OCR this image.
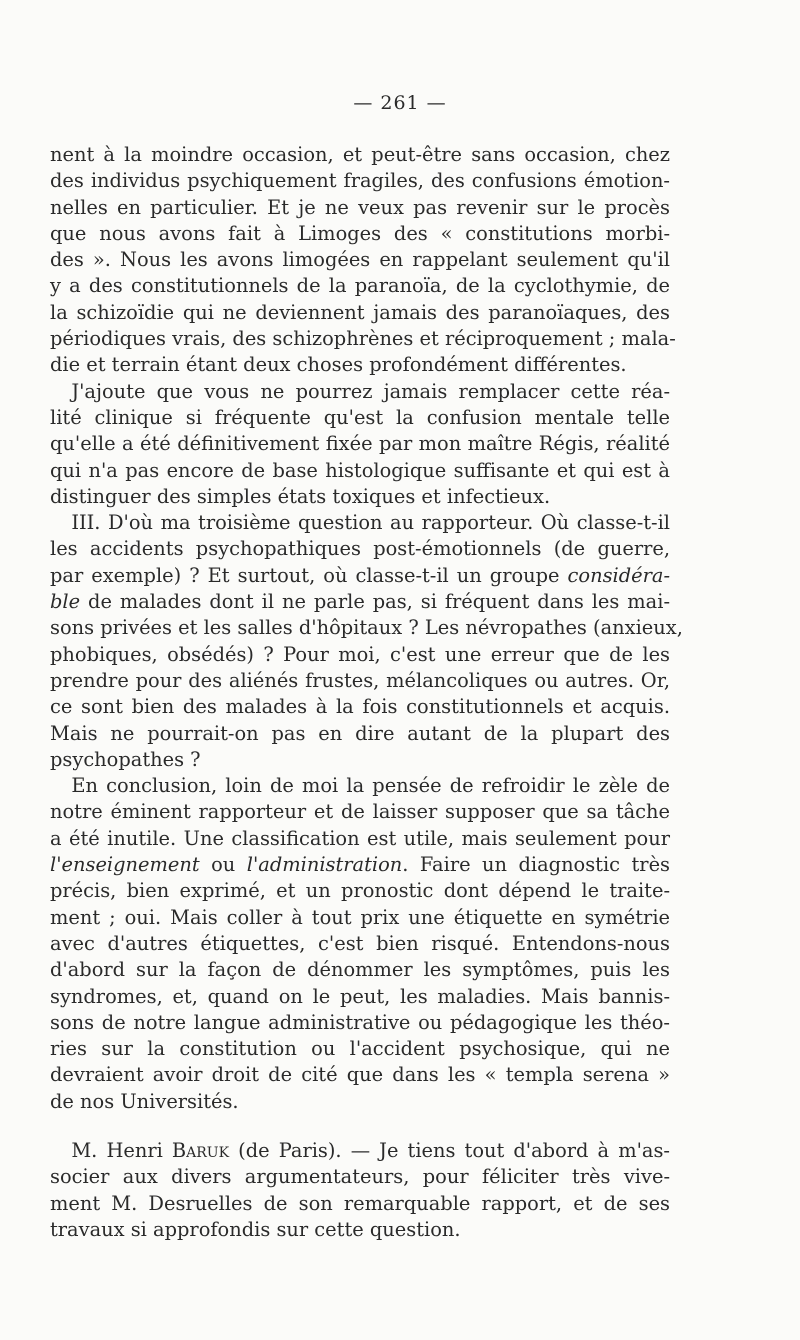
— 261 —
nent à la moindre occasion, et peut-être sans occasion, chez
des individus psychiquement fragiles, des confusions émotion-
nelles en particulier. Et je ne veux pas revenir sur le procès
que nous avons fait à Limoges des « constitutions morbi-
des ». Nous les avons limogées en rappelant seulement qu'il
y a des constitutionnels de la paranoïa, de la cyclothymie, de
la schizoïdie qui ne deviennent jamais des paranoïaques, des
périodiques vrais, des schizophrènes et réciproquement ; mala-
die et terrain étant deux choses profondément différentes.
J'ajoute que vous ne pourrez jamais remplacer cette réa-
lité clinique si fréquente qu'est la confusion mentale telle
qu'elle a été définitivement fixée par mon maître Régis, réalité
qui n'a pas encore de base histologique suffisante et qui est à
distinguer des simples états toxiques et infectieux.
III. D'où ma troisième question au rapporteur. Où classe-t-il
les accidents psychopathiques post-émotionnels (de guerre,
par exemple) ? Et surtout, où classe-t-il un groupe considéra-
ble de malades dont il ne parle pas, si fréquent dans les mai-
sons privées et les salles d'hôpitaux ? Les névropathes (anxieux,
phobiques, obsédés) ? Pour moi, c'est une erreur que de les
prendre pour des aliénés frustes, mélancoliques ou autres. Or,
ce sont bien des malades à la fois constitutionnels et acquis.
Mais ne pourrait-on pas en dire autant de la plupart des
psychopathes ?
En conclusion, loin de moi la pensée de refroidir le zèle de
notre éminent rapporteur et de laisser supposer que sa tâche
a été inutile. Une classification est utile, mais seulement pour
l'enseignement ou l'administration. Faire un diagnostic très
précis, bien exprimé, et un pronostic dont dépend le traite-
ment ; oui. Mais coller à tout prix une étiquette en symétrie
avec d'autres étiquettes, c'est bien risqué. Entendons-nous
d'abord sur la façon de dénommer les symptômes, puis les
syndromes, et, quand on le peut, les maladies. Mais bannis-
sons de notre langue administrative ou pédagogique les théo-
ries sur la constitution ou l'accident psychosique, qui ne
devraient avoir droit de cité que dans les « templa serena »
de nos Universités.
M. Henri Baruk (de Paris). — Je tiens tout d'abord à m'as-
socier aux divers argumentateurs, pour féliciter très vive-
ment M. Desruelles de son remarquable rapport, et de ses
travaux si approfondis sur cette question.
